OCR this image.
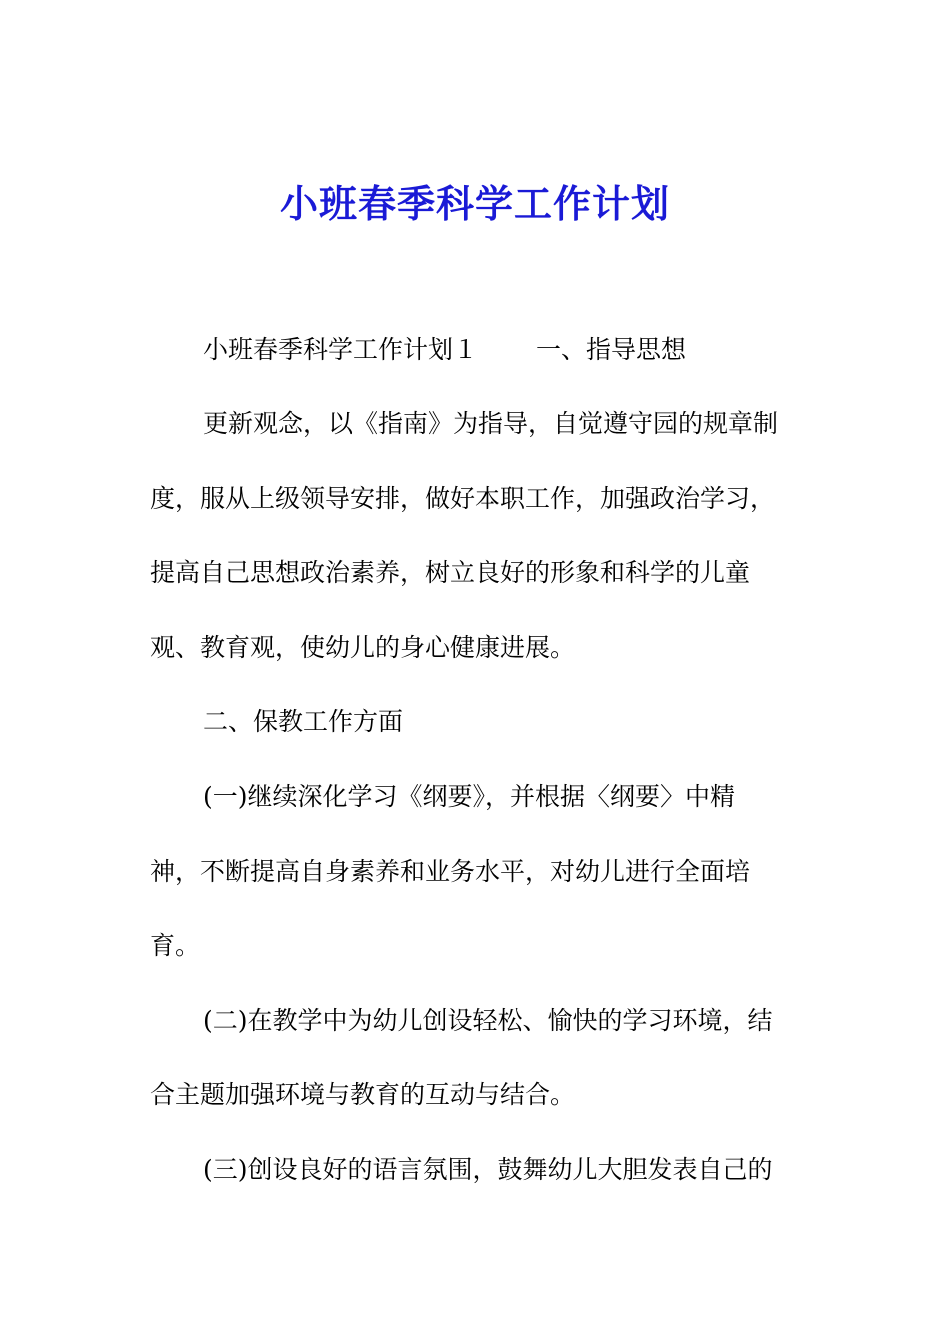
小班春季科学工作计划
小班春季科学工作计划１　　 一、指导思想
更新观念，以《指南》为指导，自觉遵守园的规章制
度，服从上级领导安排，做好本职工作，加强政治学习，
提高自己思想政治素养，树立良好的形象和科学的儿童
观、教育观，使幼儿的身心健康进展。
二、保教工作方面
(一)继续深化学习《纲要》，并根据〈纲要〉中精
神，不断提高自身素养和业务水平，对幼儿进行全面培
育。
(二)在教学中为幼儿创设轻松、愉快的学习环境，结
合主题加强环境与教育的互动与结合。
(三)创设良好的语言氛围，鼓舞幼儿大胆发表自己的
